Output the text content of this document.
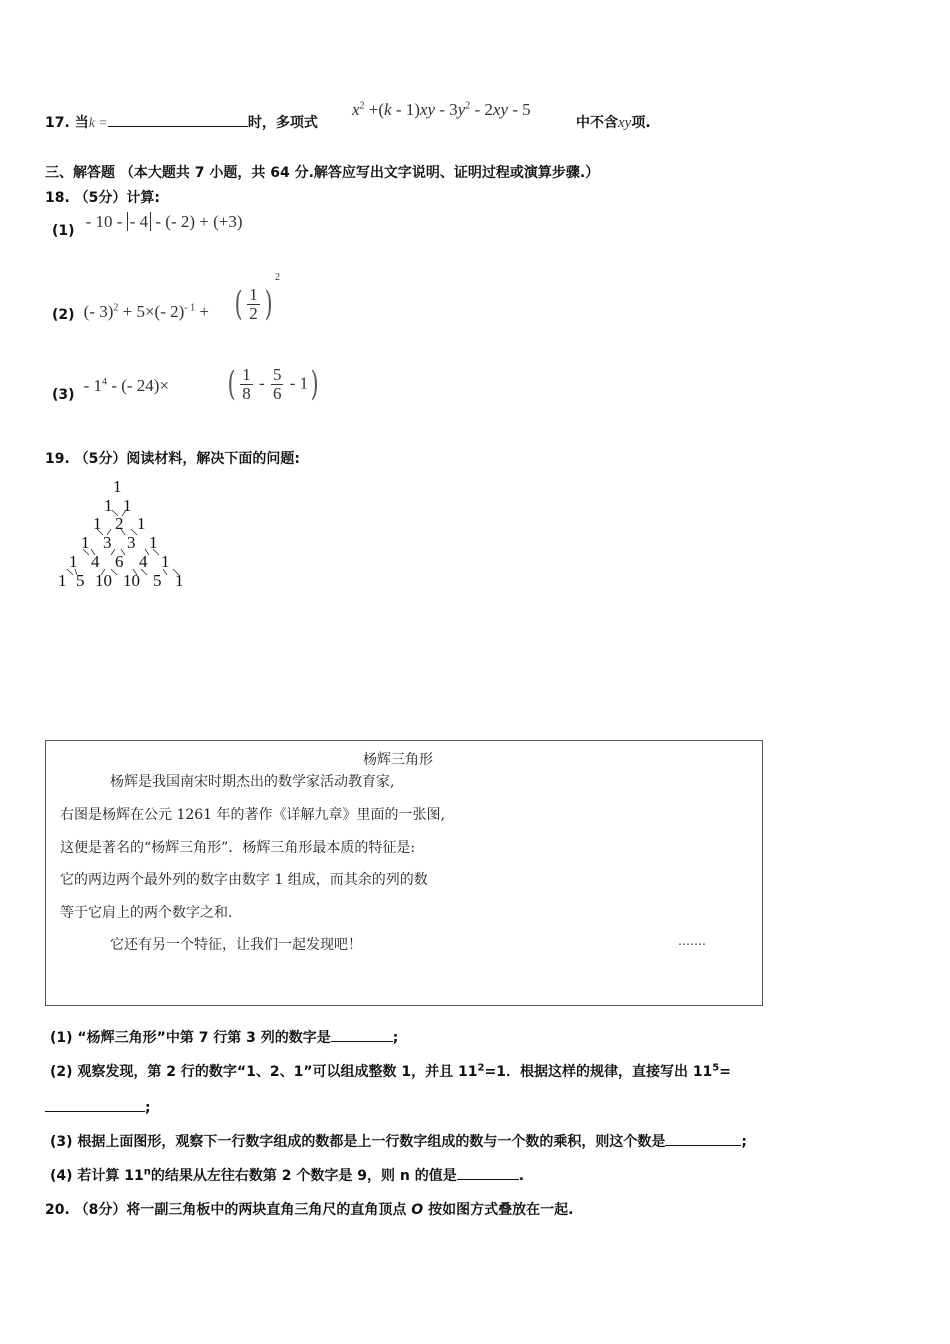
17. 当k =	时，多项式
$x^2 +(k - 1)xy - 3y^2 - 2xy - 5$
中不含xy项.
三、解答题 （本大题共 7 小题，共 64 分.解答应写出文字说明、证明过程或演算步骤.）
18. （5分）计算:
(1) - 10 - - 4 - (- 2) + (+3)
(2) (- 3)$^2$ + 5×(- 2)$^{- 1}$ + ( $\frac{1}{2} )^2$
$(3) - 1^4$ - (- 24)× ( $\frac{1}{8} - \frac{5}{6} - 1$)
19. （5分）阅读材料，解决下面的问题:
1
1 1
1 2 1
1 3 3 1
1 4 6 4 1
1 5 10 10 5 1
杨辉三角形
杨辉是我国南宋时期杰出的数学家活动教育家,
右图是杨辉在公元 1261 年的著作《详解九章》里面的一张图,
这便是著名的“杨辉三角形”．杨辉三角形最本质的特征是:
它的两边两个最外列的数字由数字 1 组成，而其余的列的数
等于它肩上的两个数字之和.
它还有另一个特征，让我们一起发现吧！	…….
(1) “杨辉三角形”中第 7 行第 3 列的数字是	;
(2) 观察发现，第 2 行的数字“1、2、1”可以组成整数 1，并且 $11^2=1$．根据这样的规律，直接写出 $11^5=$
;
(3) 根据上面图形，观察下一行数字组成的数都是上一行数字组成的数与一个数的乘积，则这个数是	;
(4) 若计算 11$^n$的结果从左往右数第 2 个数字是 9，则 n 的值是	.
20. （8分）将一副三角板中的两块直角三角尺的直角顶点 O 按如图方式叠放在一起.
